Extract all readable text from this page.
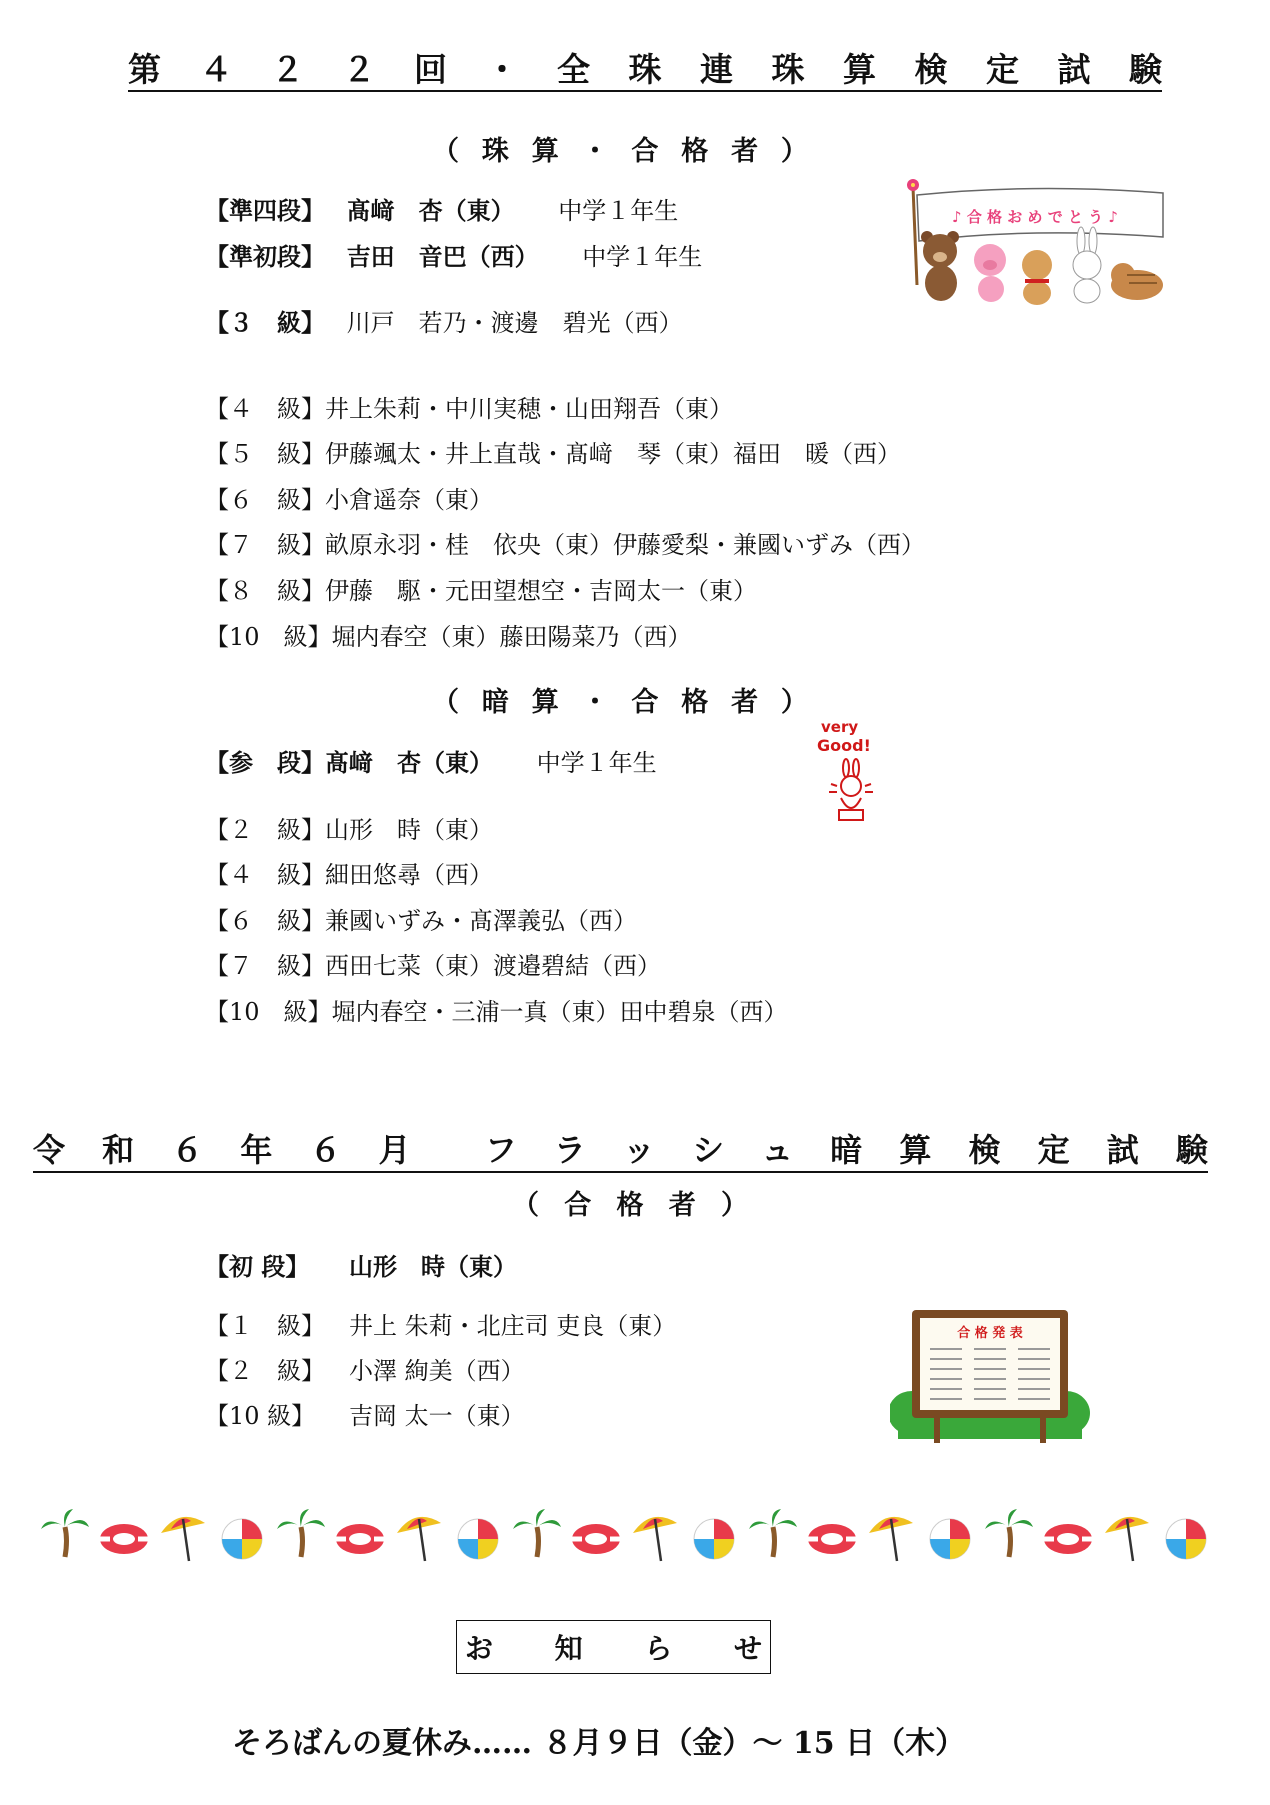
第 ４ ２ ２ 回 ・ 全 珠 連 珠 算 検 定 試 験
（ 珠 算 ・ 合 格 者 ）
【準四段】 髙﨑　杏（東） 中学１年生
【準初段】 吉田　音巴（西） 中学１年生
【３　級】 川戸　若乃・渡邊　碧光（西）
【４　級】井上朱莉・中川実穂・山田翔吾（東）
【５　級】伊藤颯太・井上直哉・髙﨑　琴（東）福田　暖（西）
【６　級】小倉遥奈（東）
【７　級】畝原永羽・桂　依央（東）伊藤愛梨・兼國いずみ（西）
【８　級】伊藤　駆・元田望想空・吉岡太一（東）
【10　級】堀内春空（東）藤田陽菜乃（西）
（ 暗 算 ・ 合 格 者 ）
【参　段】髙﨑　杏（東） 中学１年生
【２　級】山形　時（東）
【４　級】細田悠尋（西）
【６　級】兼國いずみ・髙澤義弘（西）
【７　級】西田七菜（東）渡邉碧結（西）
【10　級】堀内春空・三浦一真（東）田中碧泉（西）
令 和 ６ 年 ６ 月 フ ラ ッ シ ュ 暗 算 検 定 試 験
（ 合 格 者 ）
【初 段】 山形　時（東）
【１　級】 井上 朱莉・北庄司 吏良（東）
【２　級】 小澤 絢美（西）
【10 級】 吉岡 太一（東）
♪ 合 格 お め で と う ♪
very
Good!
合 格 発 表
お 知 ら せ
そろばんの夏休み…… ８月９日（金）～ 15 日（木）
